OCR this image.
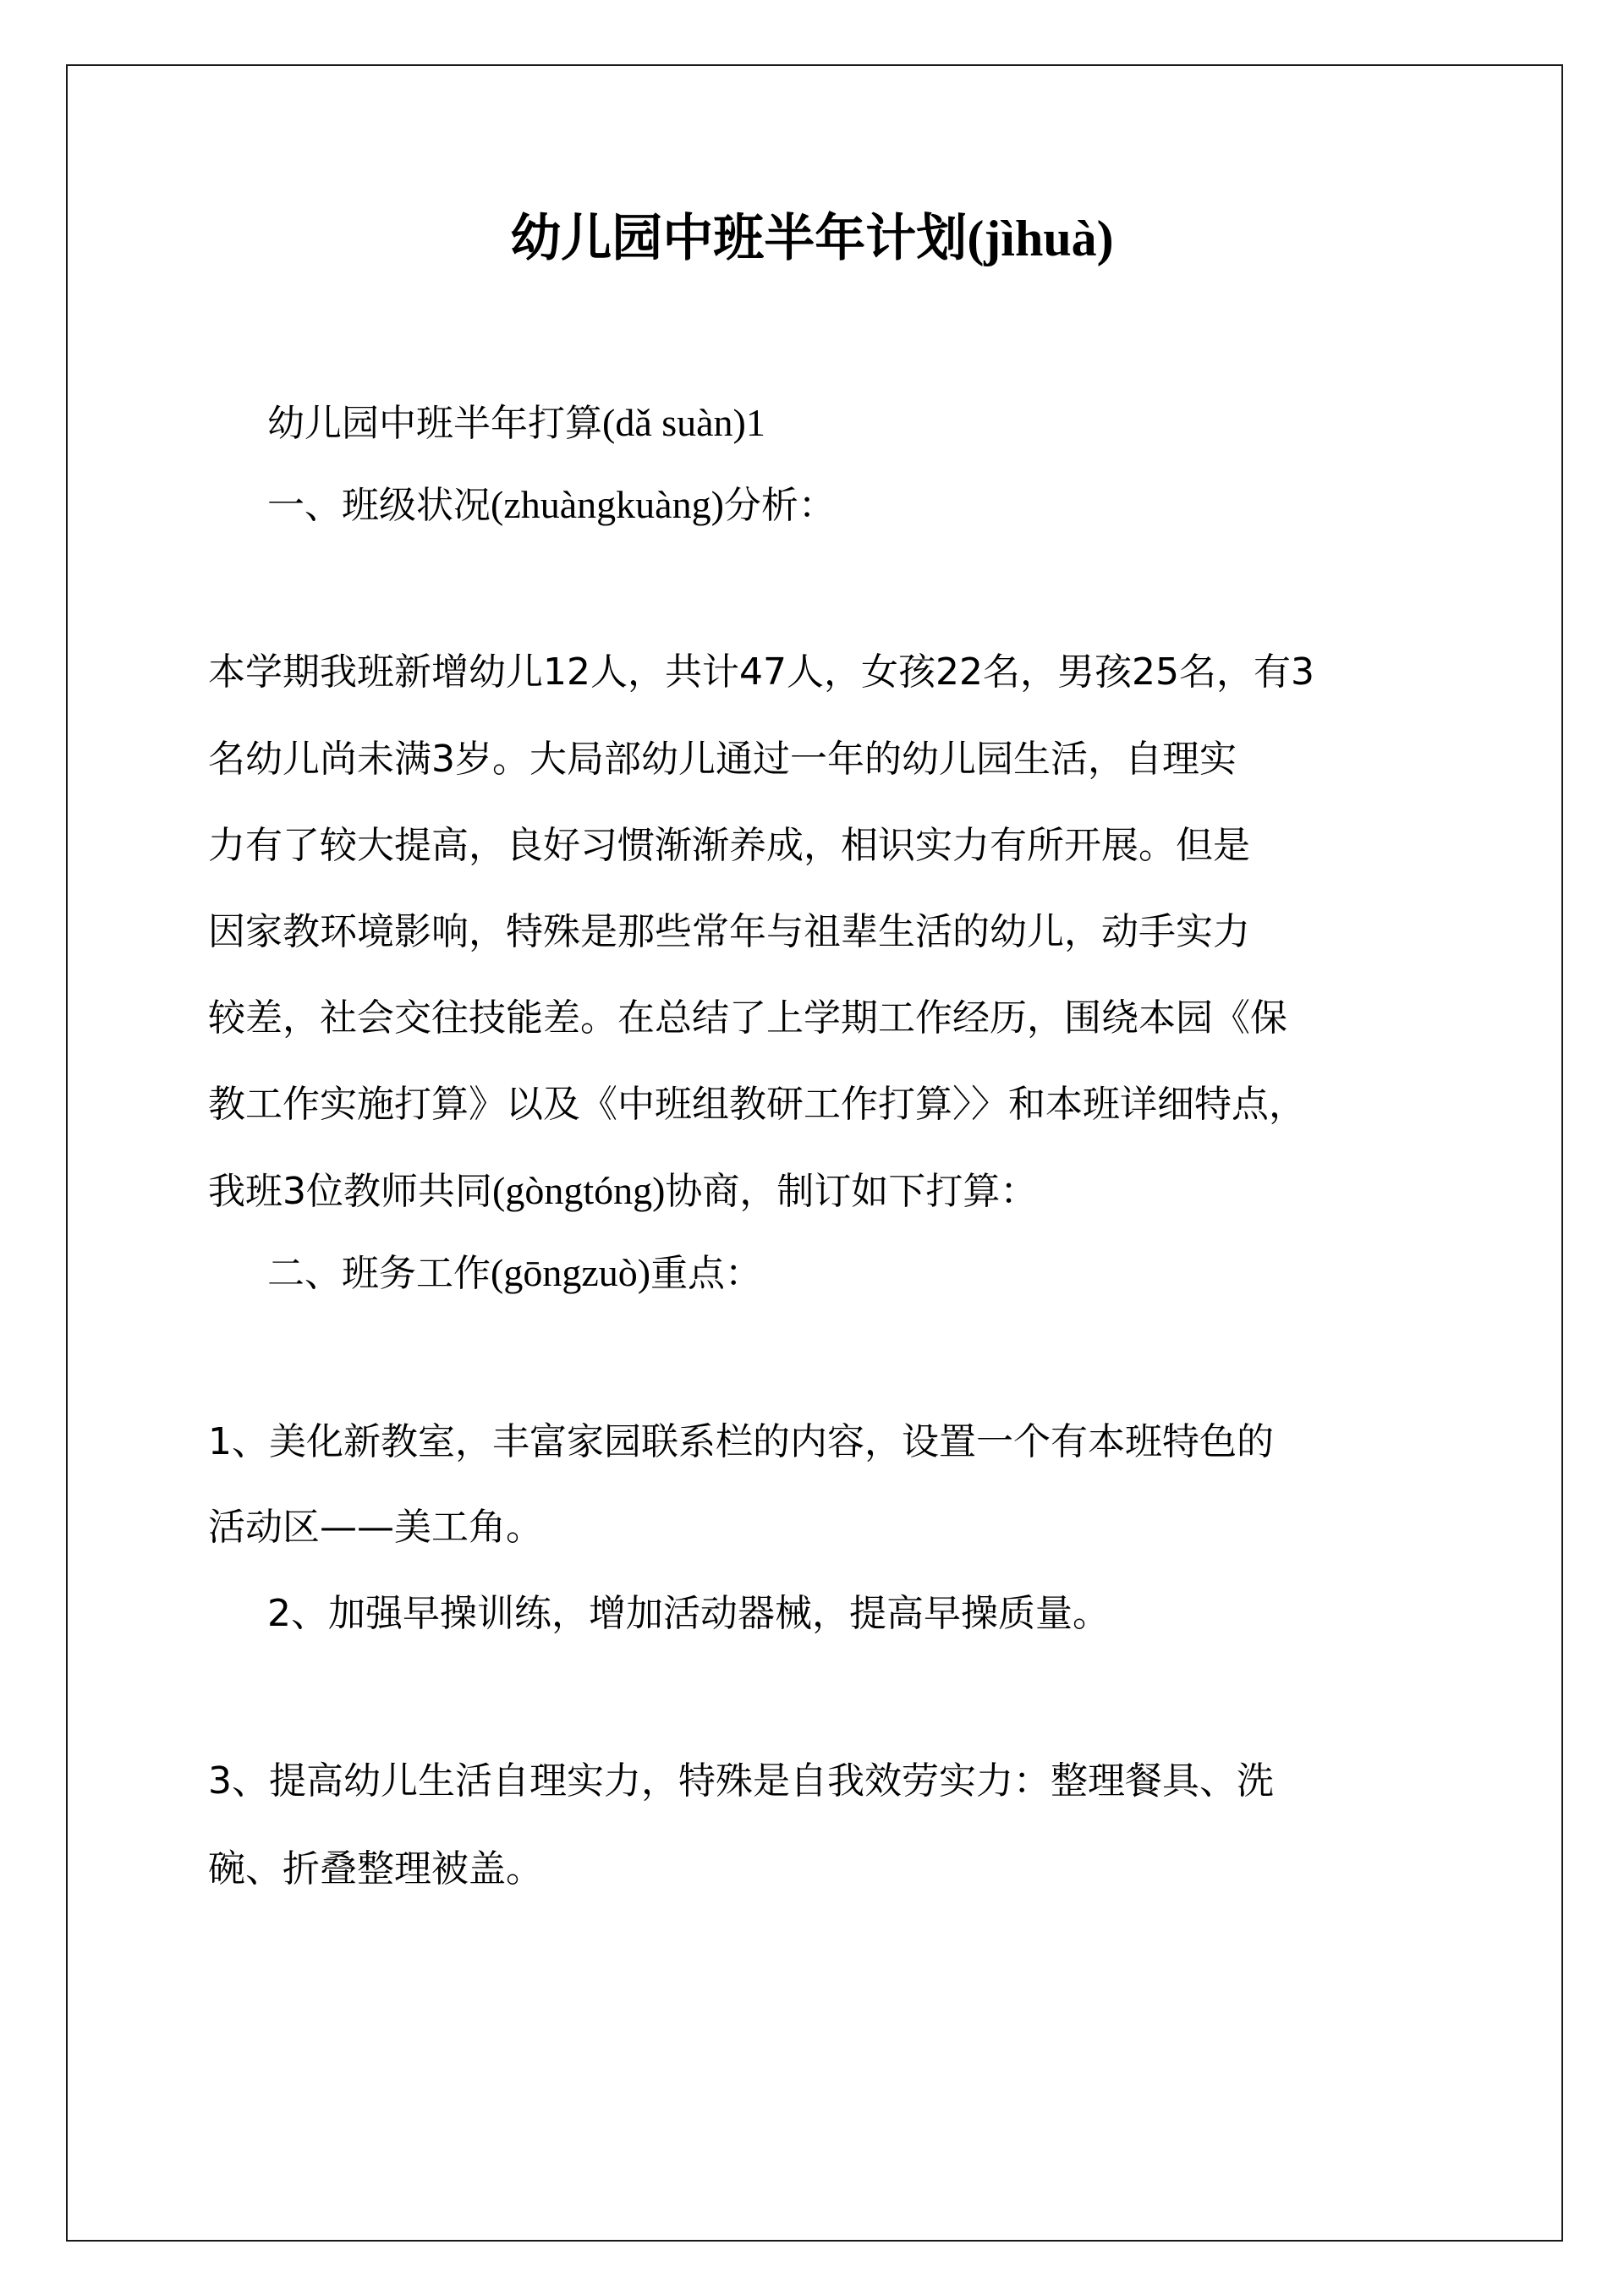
幼儿园中班半年计划(jìhuà)

幼儿园中班半年打算(dǎ suàn)1

一、班级状况(zhuàngkuàng)分析：

本学期我班新增幼儿12人，共计47人，女孩22名，男孩25名，有3

名幼儿尚未满3岁。大局部幼儿通过一年的幼儿园生活，自理实

力有了较大提高，良好习惯渐渐养成，相识实力有所开展。但是

因家教环境影响，特殊是那些常年与祖辈生活的幼儿，动手实力

较差，社会交往技能差。在总结了上学期工作经历，围绕本园《保

教工作实施打算》以及《中班组教研工作打算〉〉和本班详细特点，

我班3位教师共同(gòngtóng)协商，制订如下打算：

二、班务工作(gōngzuò)重点：

1、美化新教室，丰富家园联系栏的内容，设置一个有本班特色的

活动区——美工角。

2、加强早操训练，增加活动器械，提高早操质量。

3、提高幼儿生活自理实力，特殊是自我效劳实力：整理餐具、洗

碗、折叠整理被盖。
